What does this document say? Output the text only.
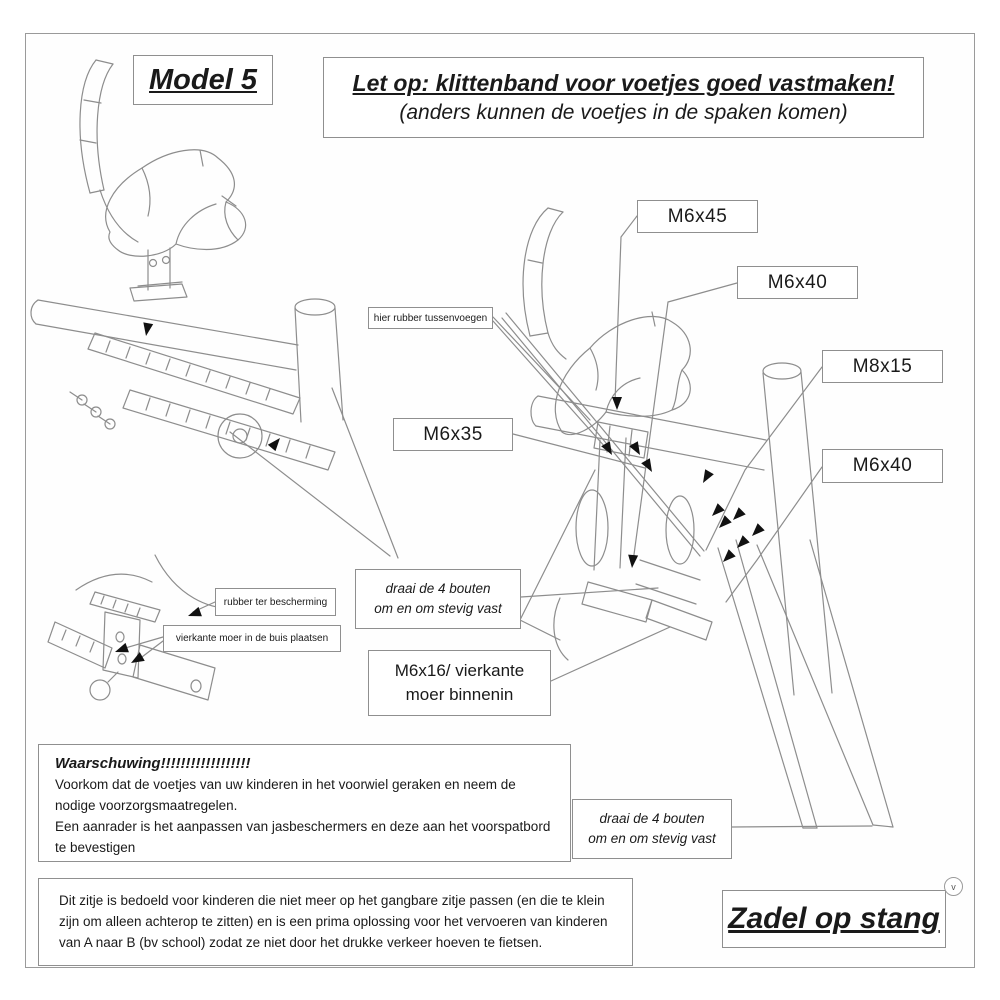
Model 5	Let op: klittenband voor voetjes goed vastmaken!
(anders kunnen de voetjes in de spaken komen)
M6x45
M6x40
M8x15
M6x35
M6x40
hier rubber tussenvoegen
rubber ter bescherming
vierkante moer in de buis plaatsen
draai de 4 bouten
om en om stevig vast
M6x16/ vierkante
moer binnenin
draai de 4 bouten
om en om stevig vast
Waarschuwing!!!!!!!!!!!!!!!!!!
Voorkom dat de voetjes van uw kinderen in het voorwiel geraken en neem de
nodige voorzorgsmaatregelen.
Een aanrader is het aanpassen van jasbeschermers en deze aan het voorspatbord
te bevestigen
Dit zitje is bedoeld voor kinderen die niet meer op het gangbare zitje passen (en die te klein
zijn om alleen achterop te zitten) en is een prima oplossing voor het vervoeren van kinderen
van A naar B (bv school) zodat ze niet door het drukke verkeer hoeven te fietsen.
Zadel op stang
v
